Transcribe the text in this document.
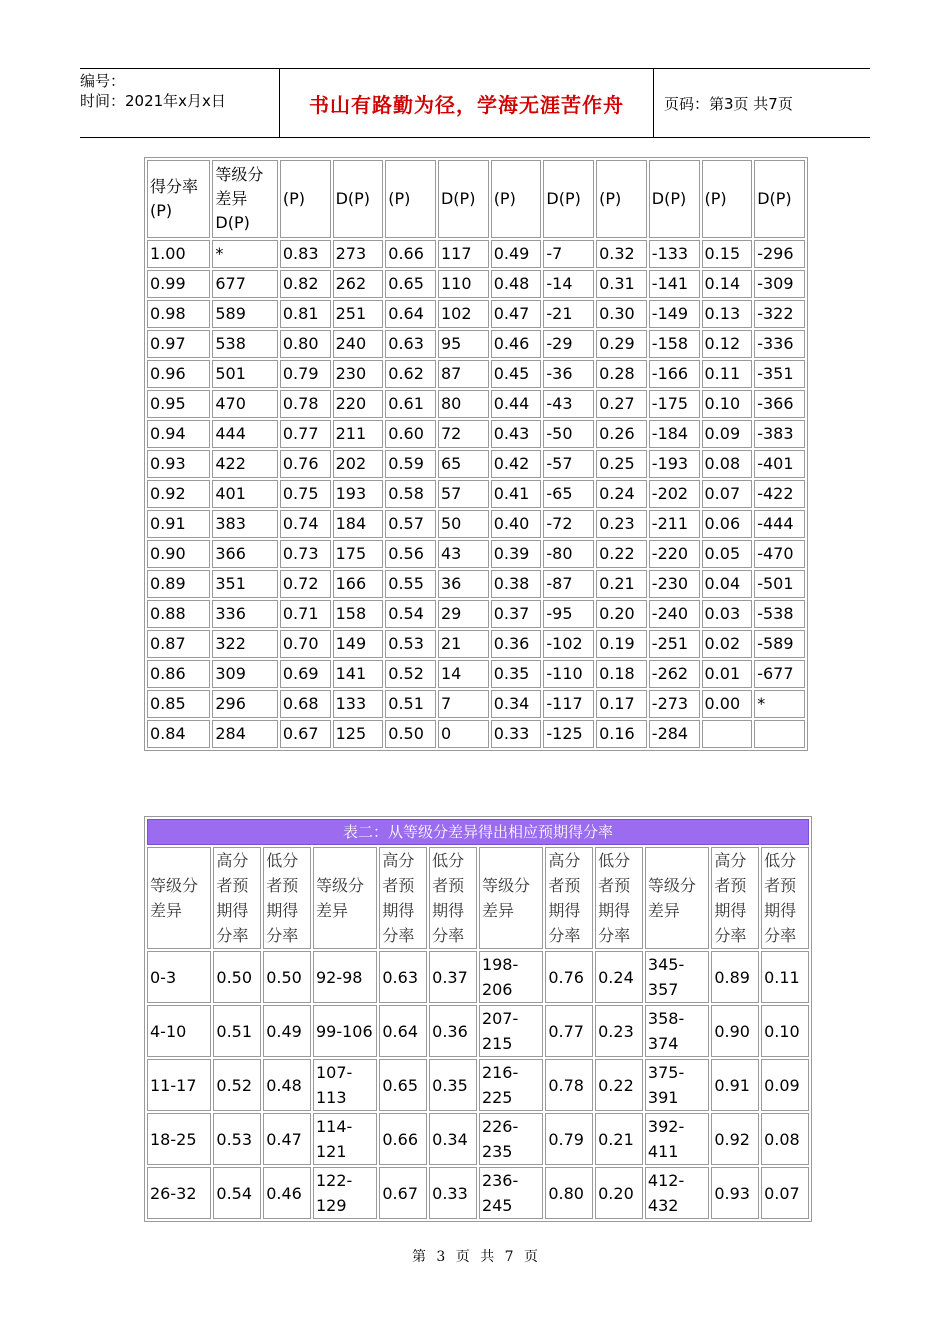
编号：
时间：2021年x月x日	书山有路勤为径，学海无涯苦作舟	页码：第3页 共7页
得分率(P)	等级分差异D(P)	(P)	D(P)	(P)	D(P)	(P)	D(P)	(P)	D(P)	(P)	D(P)
1.00	*	0.83	273	0.66	117	0.49	-7	0.32	-133	0.15	-296
0.99	677	0.82	262	0.65	110	0.48	-14	0.31	-141	0.14	-309
0.98	589	0.81	251	0.64	102	0.47	-21	0.30	-149	0.13	-322
0.97	538	0.80	240	0.63	95	0.46	-29	0.29	-158	0.12	-336
0.96	501	0.79	230	0.62	87	0.45	-36	0.28	-166	0.11	-351
0.95	470	0.78	220	0.61	80	0.44	-43	0.27	-175	0.10	-366
0.94	444	0.77	211	0.60	72	0.43	-50	0.26	-184	0.09	-383
0.93	422	0.76	202	0.59	65	0.42	-57	0.25	-193	0.08	-401
0.92	401	0.75	193	0.58	57	0.41	-65	0.24	-202	0.07	-422
0.91	383	0.74	184	0.57	50	0.40	-72	0.23	-211	0.06	-444
0.90	366	0.73	175	0.56	43	0.39	-80	0.22	-220	0.05	-470
0.89	351	0.72	166	0.55	36	0.38	-87	0.21	-230	0.04	-501
0.88	336	0.71	158	0.54	29	0.37	-95	0.20	-240	0.03	-538
0.87	322	0.70	149	0.53	21	0.36	-102	0.19	-251	0.02	-589
0.86	309	0.69	141	0.52	14	0.35	-110	0.18	-262	0.01	-677
0.85	296	0.68	133	0.51	7	0.34	-117	0.17	-273	0.00	*
0.84	284	0.67	125	0.50	0	0.33	-125	0.16	-284		
表二：从等级分差异得出相应预期得分率											
等级分差异	高分者预期得分率	低分者预期得分率	等级分差异	高分者预期得分率	低分者预期得分率	等级分差异	高分者预期得分率	低分者预期得分率	等级分差异	高分者预期得分率	低分者预期得分率
0-3	0.50	0.50	92-98	0.63	0.37	198-206	0.76	0.24	345-357	0.89	0.11
4-10	0.51	0.49	99-106	0.64	0.36	207-215	0.77	0.23	358-374	0.90	0.10
11-17	0.52	0.48	107-113	0.65	0.35	216-225	0.78	0.22	375-391	0.91	0.09
18-25	0.53	0.47	114-121	0.66	0.34	226-235	0.79	0.21	392-411	0.92	0.08
26-32	0.54	0.46	122-129	0.67	0.33	236-245	0.80	0.20	412-432	0.93	0.07
第 3 页 共 7 页
